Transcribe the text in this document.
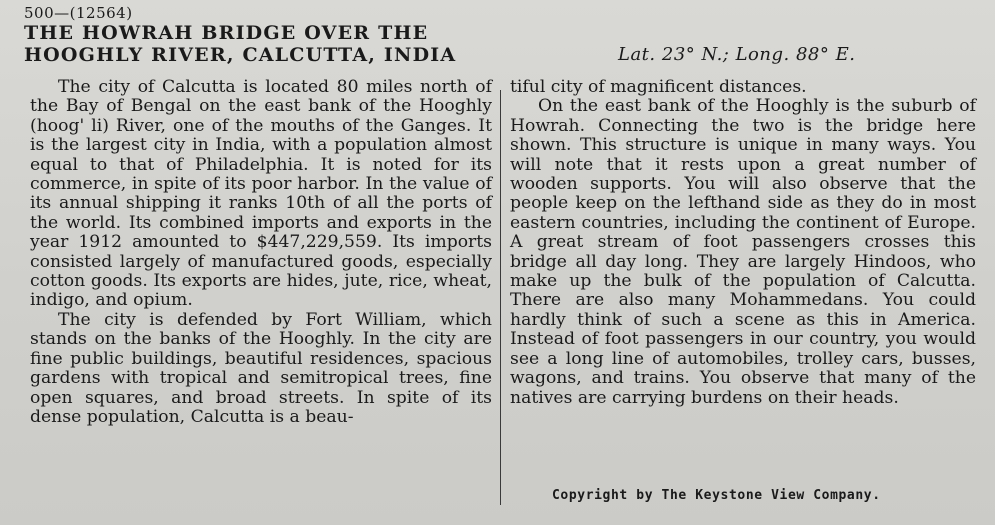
500—(12564)
THE HOWRAH BRIDGE OVER THE
HOOGHLY RIVER, CALCUTTA, INDIA	Lat. 23° N.; Long. 88° E.

The city of Calcutta is located 80 miles north of the Bay of Bengal on the east bank of the Hooghly (hoog' li) River, one of the mouths of the Ganges. It is the largest city in India, with a population almost equal to that of Philadelphia. It is noted for its commerce, in spite of its poor harbor. In the value of its annual shipping it ranks 10th of all the ports of the world. Its combined imports and exports in the year 1912 amounted to $447,229,559. Its imports consisted largely of manufactured goods, especially cotton goods. Its exports are hides, jute, rice, wheat, indigo, and opium.

The city is defended by Fort William, which stands on the banks of the Hooghly. In the city are fine public buildings, beautiful residences, spacious gardens with tropical and semitropical trees, fine open squares, and broad streets. In spite of its dense population, Calcutta is a beau-

tiful city of magnificent distances.

On the east bank of the Hooghly is the suburb of Howrah. Connecting the two is the bridge here shown. This structure is unique in many ways. You will note that it rests upon a great number of wooden supports. You will also observe that the people keep on the lefthand side as they do in most eastern countries, including the continent of Europe. A great stream of foot passengers crosses this bridge all day long. They are largely Hindoos, who make up the bulk of the population of Calcutta. There are also many Mohammedans. You could hardly think of such a scene as this in America. Instead of foot passengers in our country, you would see a long line of automobiles, trolley cars, busses, wagons, and trains. You observe that many of the natives are carrying burdens on their heads.

Copyright by The Keystone View Company.
